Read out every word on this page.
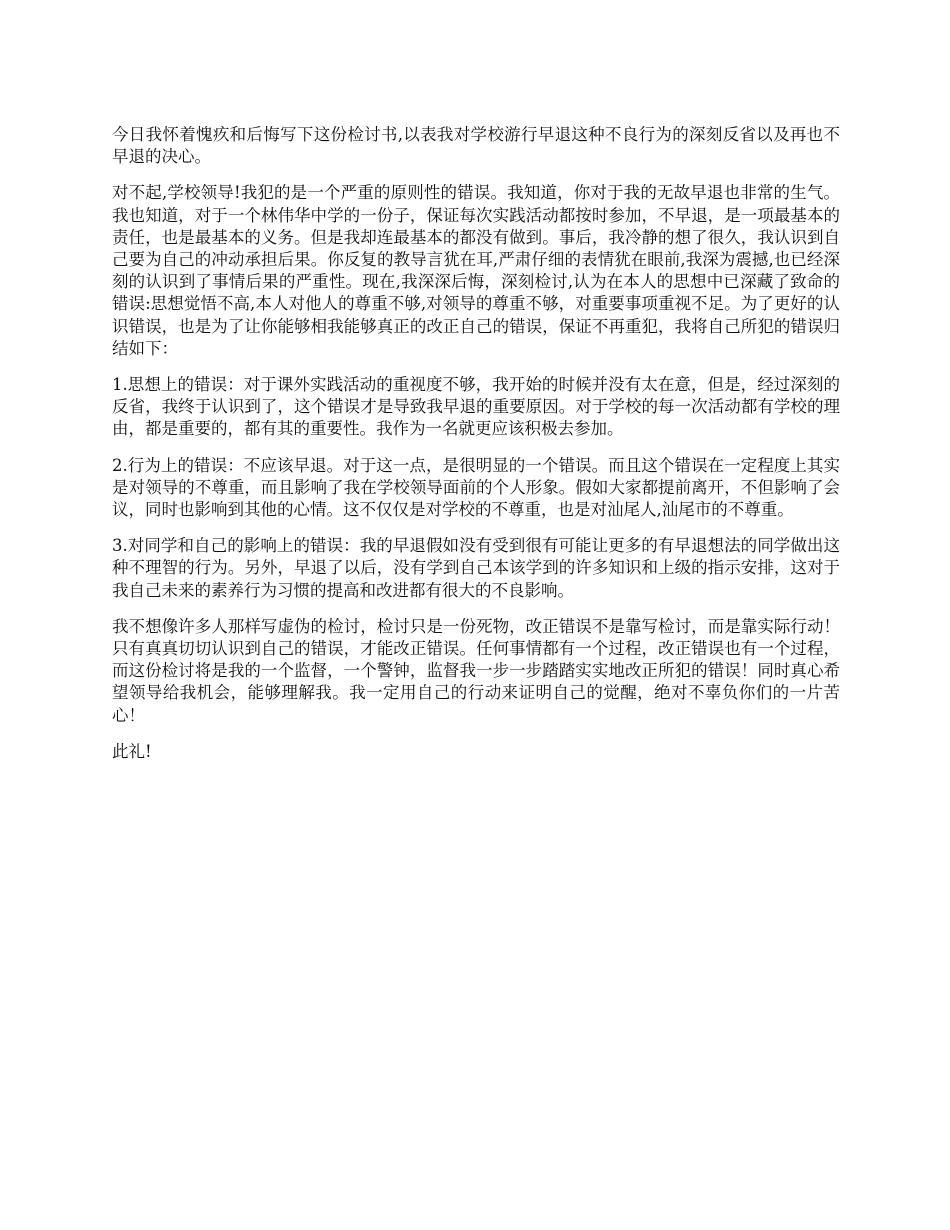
今日我怀着愧疚和后悔写下这份检讨书,以表我对学校游行早退这种不良行为的深刻反省以及再也不早退的决心。

对不起,学校领导!我犯的是一个严重的原则性的错误。我知道，你对于我的无故早退也非常的生气。我也知道，对于一个林伟华中学的一份子，保证每次实践活动都按时参加，不早退，是一项最基本的责任，也是最基本的义务。但是我却连最基本的都没有做到。事后，我冷静的想了很久，我认识到自己要为自己的冲动承担后果。你反复的教导言犹在耳,严肃仔细的表情犹在眼前,我深为震撼,也已经深刻的认识到了事情后果的严重性。现在,我深深后悔，深刻检讨,认为在本人的思想中已深藏了致命的错误:思想觉悟不高,本人对他人的尊重不够,对领导的尊重不够，对重要事项重视不足。为了更好的认识错误，也是为了让你能够相我能够真正的改正自己的错误，保证不再重犯，我将自己所犯的错误归结如下：

1.思想上的错误：对于课外实践活动的重视度不够，我开始的时候并没有太在意，但是，经过深刻的反省，我终于认识到了，这个错误才是导致我早退的重要原因。对于学校的每一次活动都有学校的理由，都是重要的，都有其的重要性。我作为一名就更应该积极去参加。

2.行为上的错误：不应该早退。对于这一点，是很明显的一个错误。而且这个错误在一定程度上其实是对领导的不尊重，而且影响了我在学校领导面前的个人形象。假如大家都提前离开，不但影响了会议，同时也影响到其他的心情。这不仅仅是对学校的不尊重，也是对汕尾人,汕尾市的不尊重。

3.对同学和自己的影响上的错误：我的早退假如没有受到很有可能让更多的有早退想法的同学做出这种不理智的行为。另外，早退了以后，没有学到自己本该学到的许多知识和上级的指示安排，这对于我自己未来的素养行为习惯的提高和改进都有很大的不良影响。

我不想像许多人那样写虚伪的检讨，检讨只是一份死物，改正错误不是靠写检讨，而是靠实际行动！只有真真切切认识到自己的错误，才能改正错误。任何事情都有一个过程，改正错误也有一个过程，而这份检讨将是我的一个监督，一个警钟，监督我一步一步踏踏实实地改正所犯的错误！同时真心希望领导给我机会，能够理解我。我一定用自己的行动来证明自己的觉醒，绝对不辜负你们的一片苦心！

此礼!
